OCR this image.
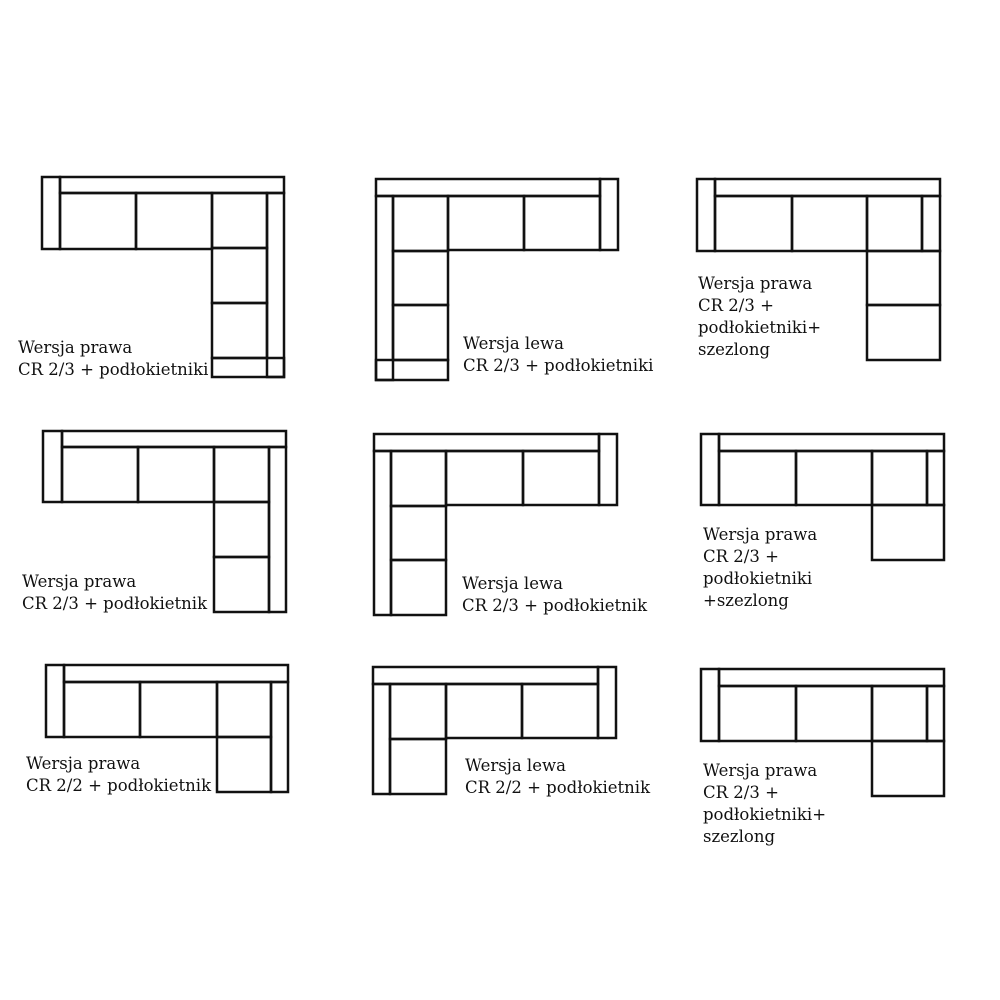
Wersja prawa
CR 2/3 + podłokietniki

Wersja lewa
CR 2/3 + podłokietniki

Wersja prawa
CR 2/3 +
podłokietniki+
szezlong

Wersja prawa
CR 2/3 + podłokietnik

Wersja lewa
CR 2/3 + podłokietnik

Wersja prawa
CR 2/3 +
podłokietniki
+szezlong

Wersja prawa
CR 2/2 + podłokietnik

Wersja lewa
CR 2/2 + podłokietnik

Wersja prawa
CR 2/3 +
podłokietniki+
szezlong
